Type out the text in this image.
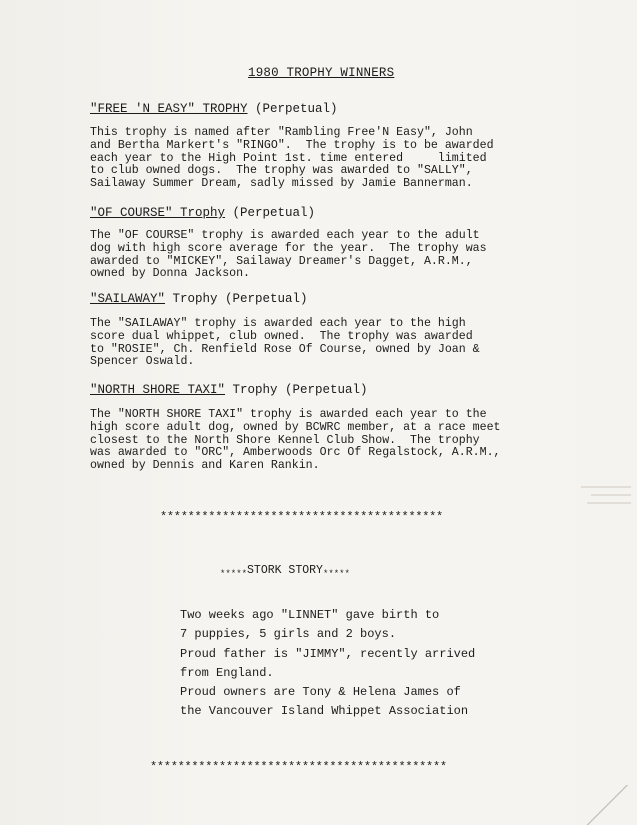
1980 TROPHY WINNERS
"FREE 'N EASY" TROPHY (Perpetual)
This trophy is named after "Rambling Free'N Easy", John
and Bertha Markert's "RINGO".  The trophy is to be awarded
each year to the High Point 1st. time entered     limited
to club owned dogs.  The trophy was awarded to "SALLY",
Sailaway Summer Dream, sadly missed by Jamie Bannerman.
"OF COURSE" Trophy (Perpetual)
The "OF COURSE" trophy is awarded each year to the adult
dog with high score average for the year.  The trophy was
awarded to "MICKEY", Sailaway Dreamer's Dagget, A.R.M.,
owned by Donna Jackson.
"SAILAWAY" Trophy (Perpetual)
The "SAILAWAY" trophy is awarded each year to the high
score dual whippet, club owned.  The trophy was awarded
to "ROSIE", Ch. Renfield Rose Of Course, owned by Joan &
Spencer Oswald.
"NORTH SHORE TAXI" Trophy (Perpetual)
The "NORTH SHORE TAXI" trophy is awarded each year to the
high score adult dog, owned by BCWRC member, at a race meet
closest to the North Shore Kennel Club Show.  The trophy
was awarded to "ORC", Amberwoods Orc Of Regalstock, A.R.M.,
owned by Dennis and Karen Rankin.
*****************************************
$_{*****}$STORK $STORY_{*****}$
Two weeks ago "LINNET" gave birth to
7 puppies, 5 girls and 2 boys.
Proud father is "JIMMY", recently arrived
from England.
Proud owners are Tony & Helena James of
the Vancouver Island Whippet Association
*******************************************
